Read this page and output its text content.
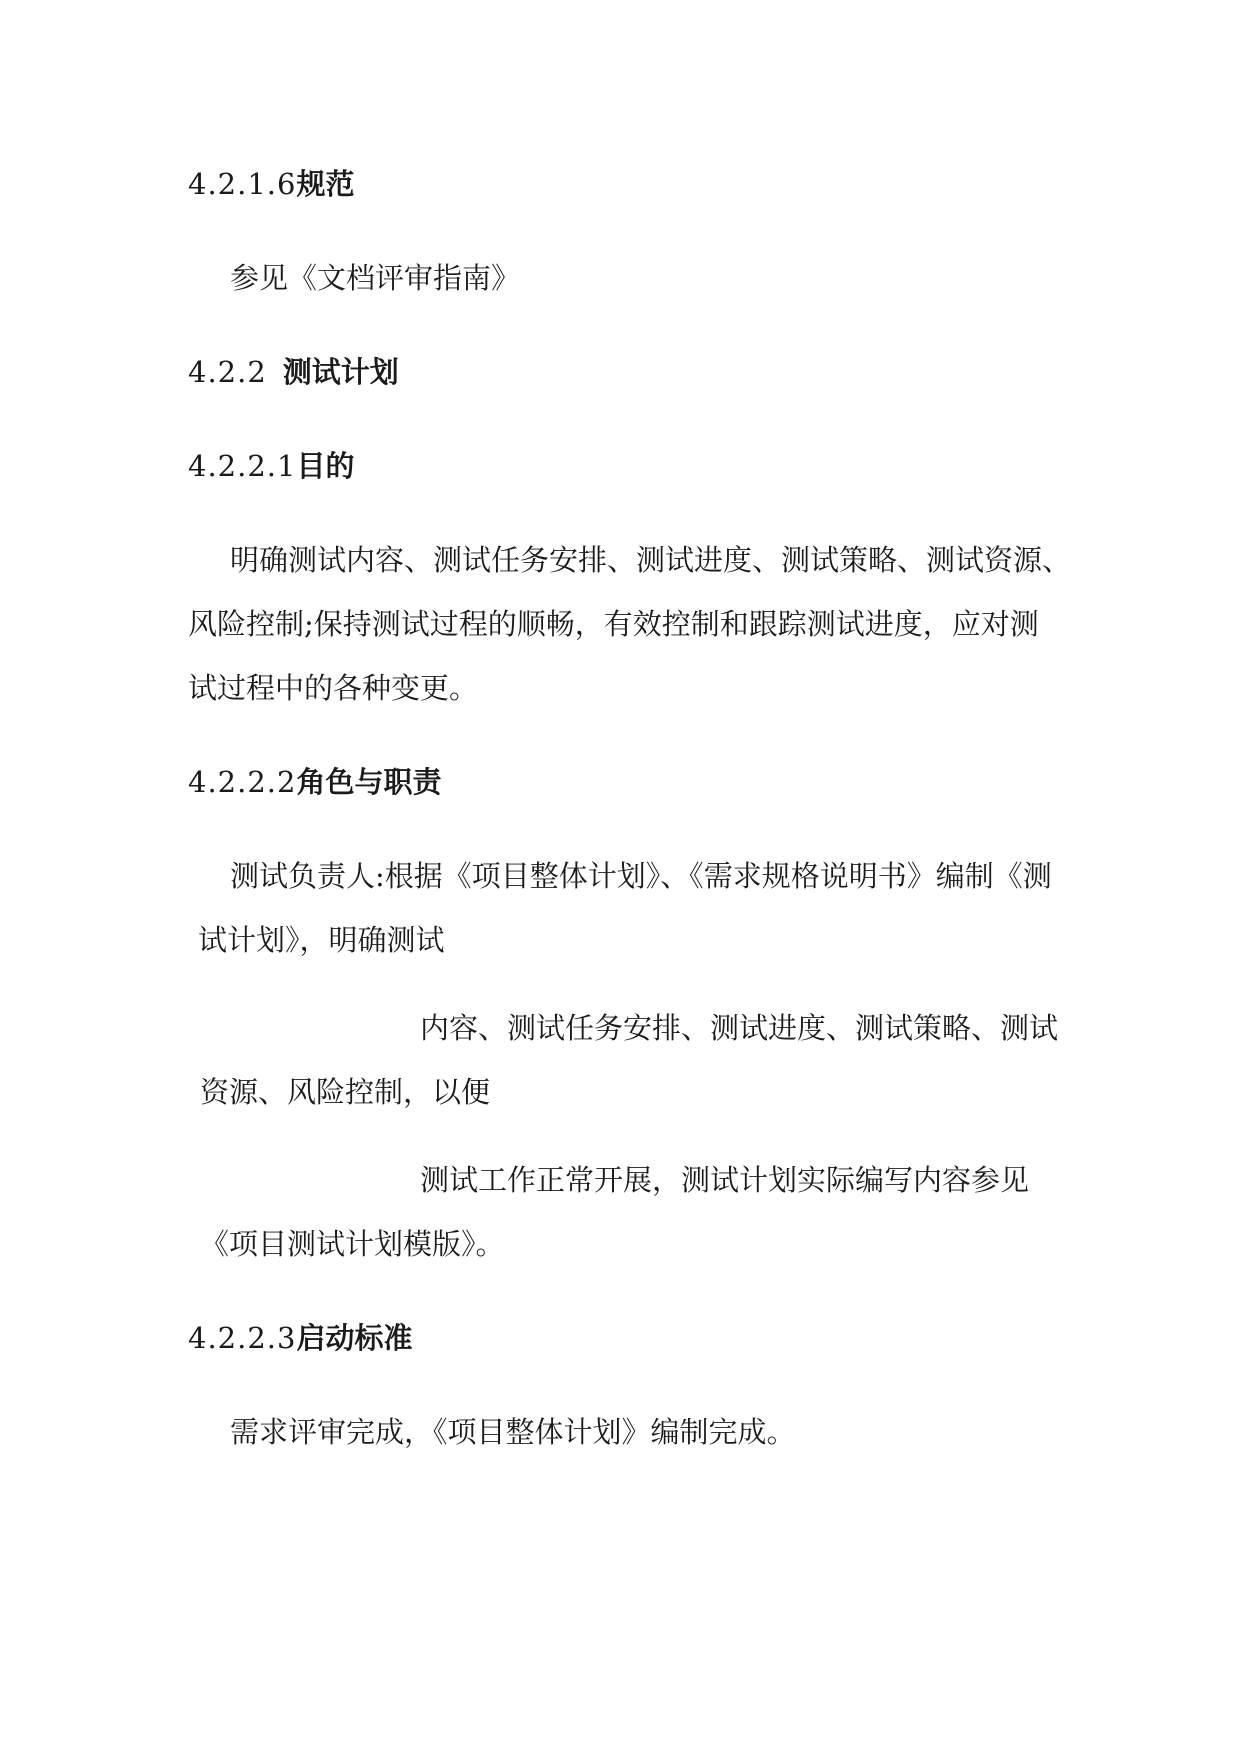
4.2.1.6规范

参见《文档评审指南》

4.2.2 测试计划
4.2.2.1目的

明确测试内容、测试任务安排、测试进度、测试策略、测试资源、

风险控制;保持测试过程的顺畅，有效控制和跟踪测试进度，应对测

试过程中的各种变更。

4.2.2.2角色与职责

测试负责人:根据《项目整体计划》、《需求规格说明书》编制《测

试计划》，明确测试

内容、测试任务安排、测试进度、测试策略、测试

资源、风险控制，以便

测试工作正常开展，测试计划实际编写内容参见

《项目测试计划模版》。

4.2.2.3启动标准

需求评审完成，《项目整体计划》编制完成。
